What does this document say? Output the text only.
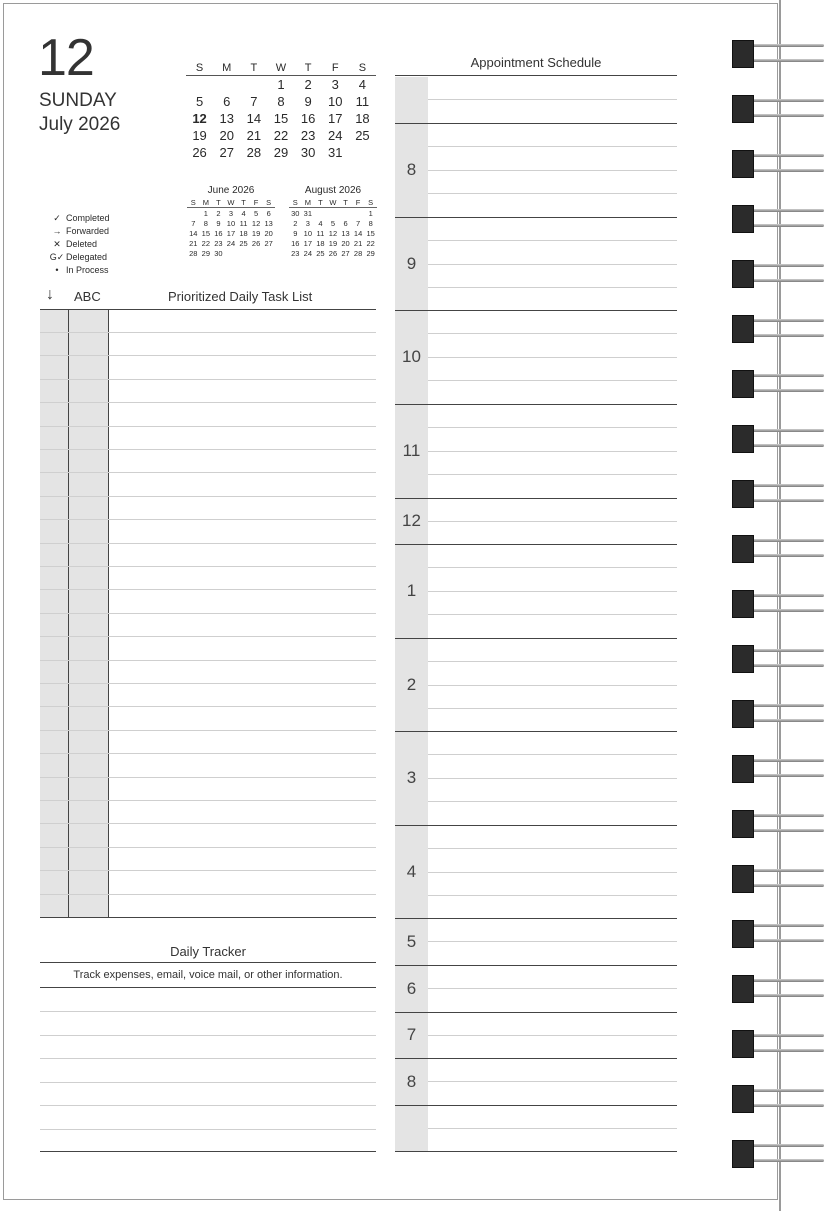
12
SUNDAY
July 2026
S	M	T	W	T	F	S
			1	2	3	4
5	6	7	8	9	10	11
12	13	14	15	16	17	18
19	20	21	22	23	24	25
26	27	28	29	30	31	
June 2026
S	M	T	W	T	F	S
	1	2	3	4	5	6
7	8	9	10	11	12	13
14	15	16	17	18	19	20
21	22	23	24	25	26	27
28	29	30				
August 2026
S	M	T	W	T	F	S
30	31					1
2	3	4	5	6	7	8
9	10	11	12	13	14	15
16	17	18	19	20	21	22
23	24	25	26	27	28	29
✓ Completed
→ Forwarded
✕ Deleted
G✓ Delegated
• In Process
↓ ABC	Prioritized Daily Task List
Daily Tracker
Track expenses, email, voice mail, or other information.
Appointment Schedule
8
9
10
11
12
1
2
3
4
5
6
7
8
